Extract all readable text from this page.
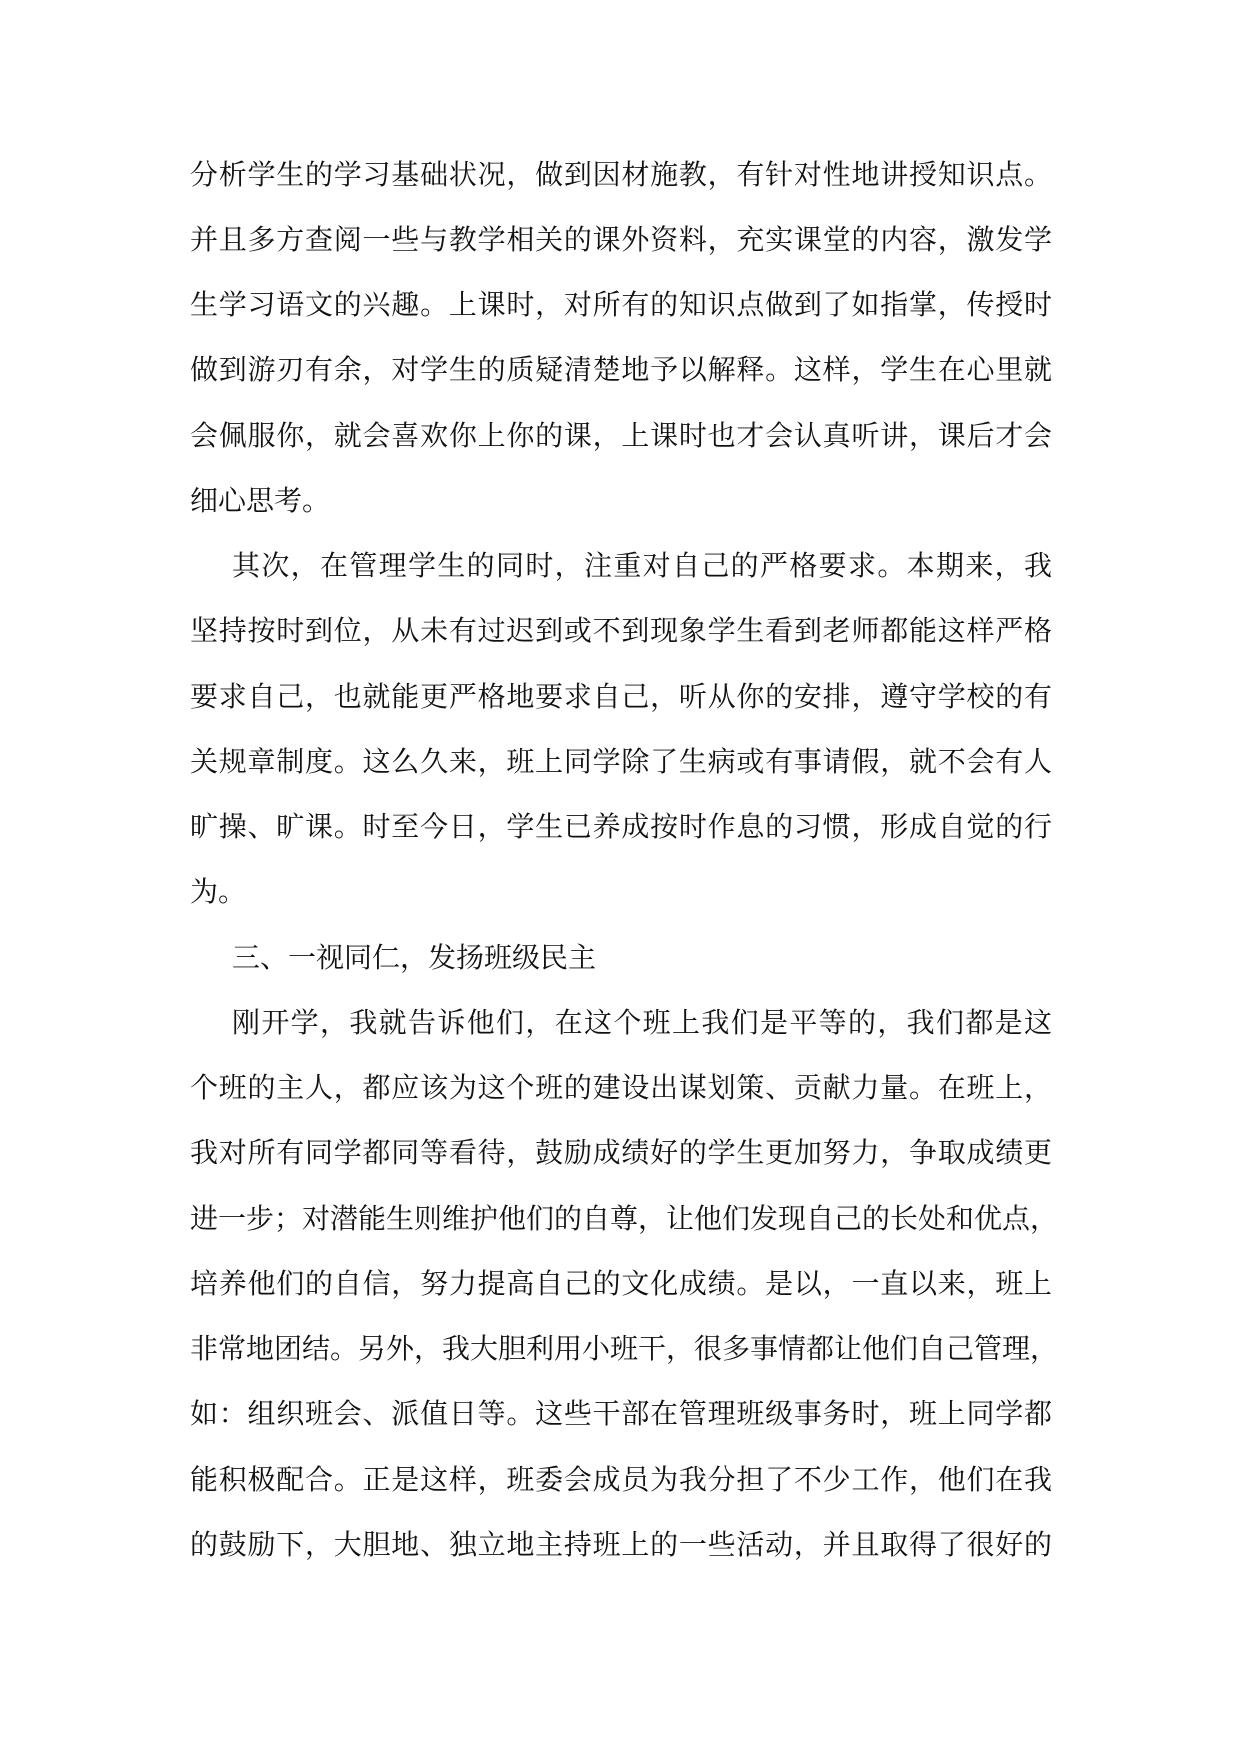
分析学生的学习基础状况，做到因材施教，有针对性地讲授知识点。
并且多方查阅一些与教学相关的课外资料，充实课堂的内容，激发学
生学习语文的兴趣。上课时，对所有的知识点做到了如指掌，传授时
做到游刃有余，对学生的质疑清楚地予以解释。这样，学生在心里就
会佩服你，就会喜欢你上你的课，上课时也才会认真听讲，课后才会
细心思考。
其次，在管理学生的同时，注重对自己的严格要求。本期来，我
坚持按时到位，从未有过迟到或不到现象学生看到老师都能这样严格
要求自己，也就能更严格地要求自己，听从你的安排，遵守学校的有
关规章制度。这么久来，班上同学除了生病或有事请假，就不会有人
旷操、旷课。时至今日，学生已养成按时作息的习惯，形成自觉的行
为。
三、一视同仁，发扬班级民主
刚开学，我就告诉他们，在这个班上我们是平等的，我们都是这
个班的主人，都应该为这个班的建设出谋划策、贡献力量。在班上，
我对所有同学都同等看待，鼓励成绩好的学生更加努力，争取成绩更
进一步；对潜能生则维护他们的自尊，让他们发现自己的长处和优点，
培养他们的自信，努力提高自己的文化成绩。是以，一直以来，班上
非常地团结。另外，我大胆利用小班干，很多事情都让他们自己管理，
如：组织班会、派值日等。这些干部在管理班级事务时，班上同学都
能积极配合。正是这样，班委会成员为我分担了不少工作，他们在我
的鼓励下，大胆地、独立地主持班上的一些活动，并且取得了很好的
